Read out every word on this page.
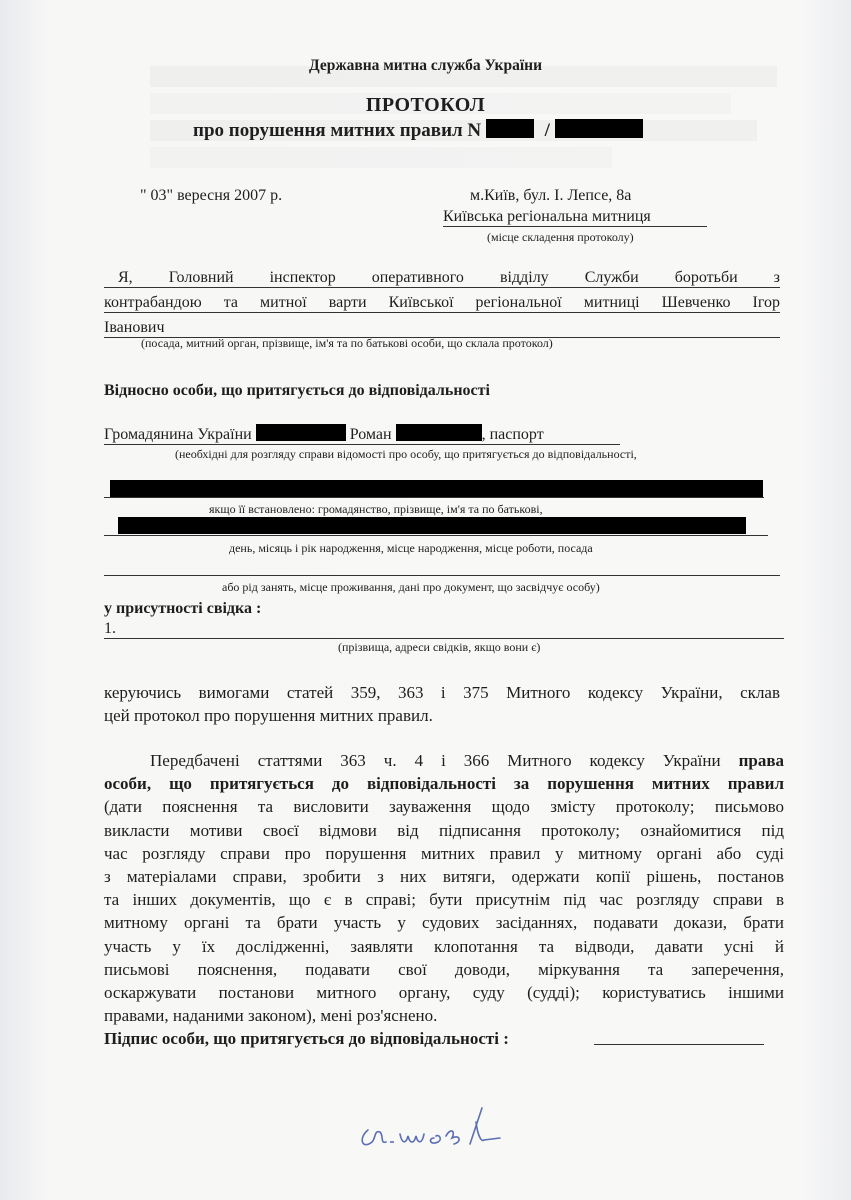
Державна митна служба України
ПРОТОКОЛ
про порушення митних правил N	/
" 03" вересня 2007 р.	м.Київ, бул. І. Лепсе, 8а
Київська регіональна митниця
(місце складення протоколу)
Я, Головний інспектор оперативного відділу Служби боротьби з
контрабандою та митної варти Київської регіональної митниці Шевченко Ігор
Іванович
(посада, митний орган, прізвище, ім'я та по батькові особи, що склала протокол)
Відносно особи, що притягується до відповідальності
Громадянина України	Роман	, паспорт
(необхідні для розгляду справи відомості про особу, що притягується до відповідальності,
якщо її встановлено: громадянство, прізвище, ім'я та по батькові,
день, місяць і рік народження, місце народження, місце роботи, посада
або рід занять, місце проживання, дані про документ, що засвідчує особу)
у присутності свідка :
1.
(прізвища, адреси свідків, якщо вони є)
керуючись вимогами статей 359, 363 і 375 Митного кодексу України, склав
цей протокол про порушення митних правил.
Передбачені статтями 363 ч. 4 і 366 Митного кодексу України права
особи, що притягується до відповідальності за порушення митних правил
(дати пояснення та висловити зауваження щодо змісту протоколу; письмово
викласти мотиви своєї відмови від підписання протоколу; ознайомитися під
час розгляду справи про порушення митних правил у митному органі або суді
з матеріалами справи, зробити з них витяги, одержати копії рішень, постанов
та інших документів, що є в справі; бути присутнім під час розгляду справи в
митному органі та брати участь у судових засіданнях, подавати докази, брати
участь у їх дослідженні, заявляти клопотання та відводи, давати усні й
письмові пояснення, подавати свої доводи, міркування та заперечення,
оскаржувати постанови митного органу, суду (судді); користуватись іншими
правами, наданими законом), мені роз'яснено.
Підпис особи, що притягується до відповідальності :
